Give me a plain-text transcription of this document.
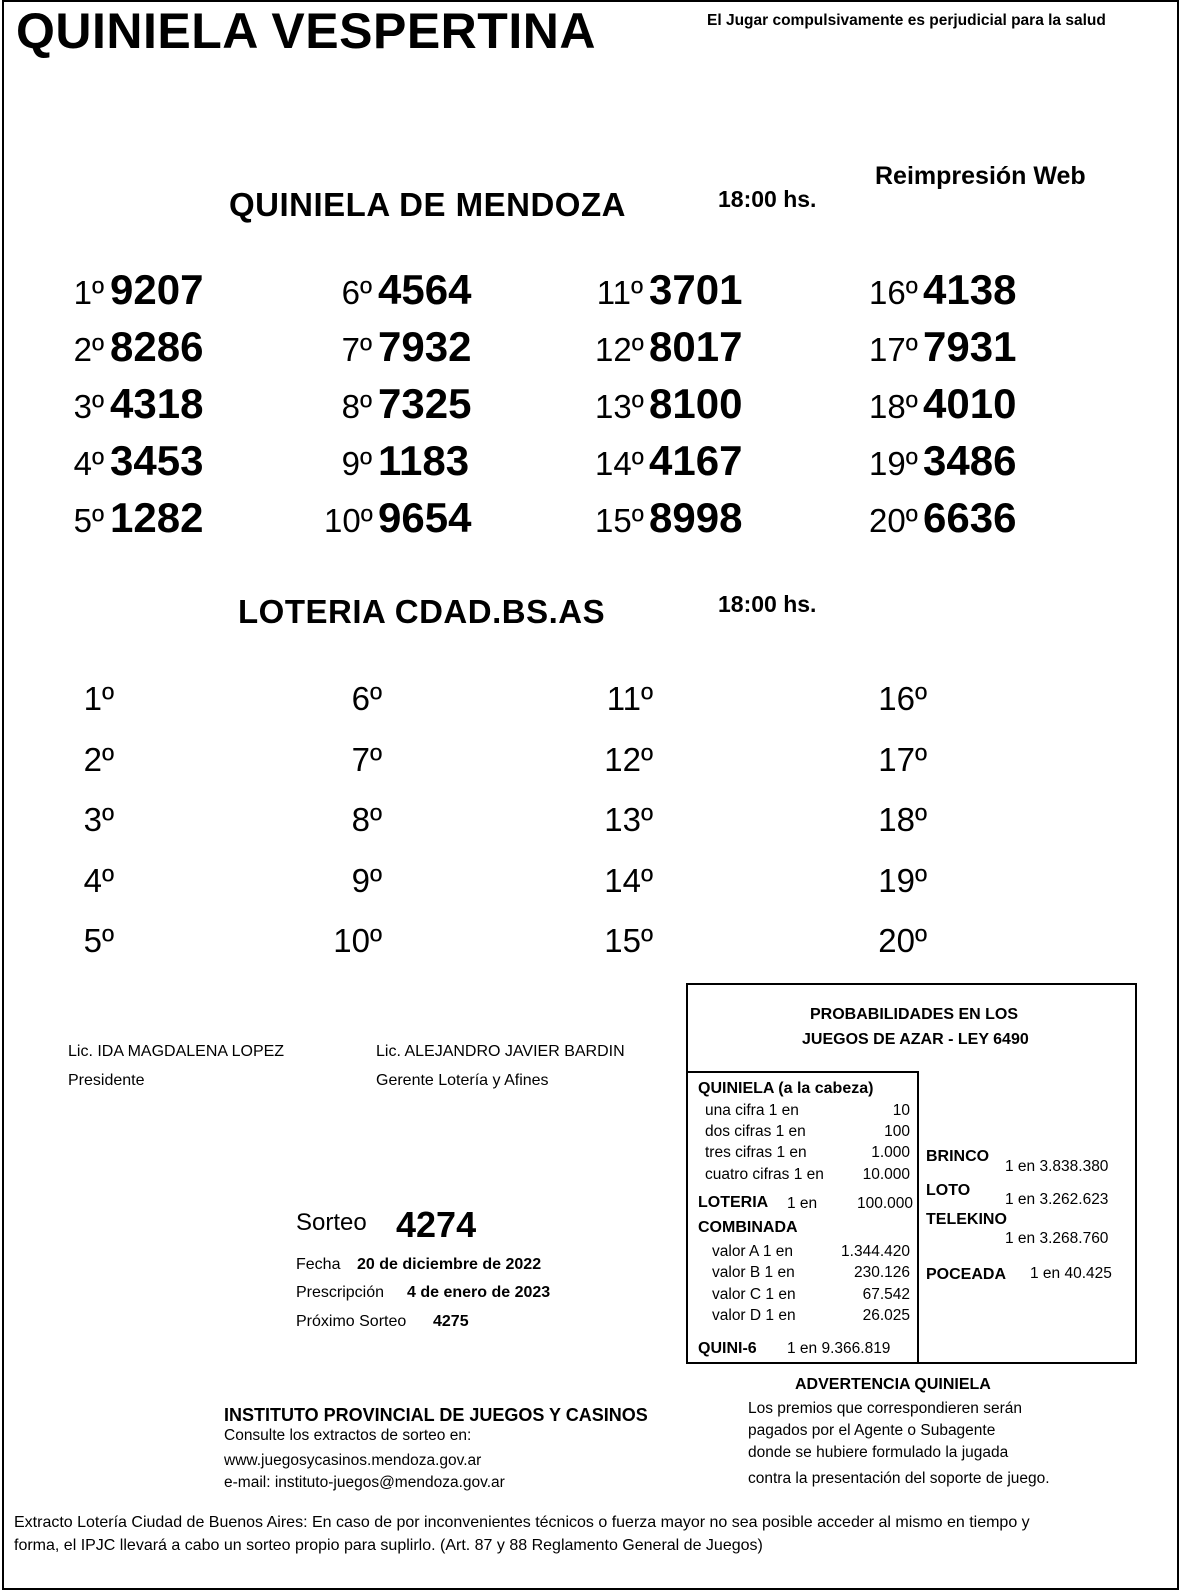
QUINIELA VESPERTINA	El Jugar compulsivamente es perjudicial para la salud
Reimpresión Web
QUINIELA DE MENDOZA	18:00 hs.
1º 9207
2º 8286
3º 4318
4º 3453
5º 1282
6º 4564
7º 7932
8º 7325
9º 1183
10º 9654
11º 3701
12º 8017
13º 8100
14º 4167
15º 8998
16º 4138
17º 7931
18º 4010
19º 3486
20º 6636
LOTERIA CDAD.BS.AS	18:00 hs.
1º
2º
3º
4º
5º
6º
7º
8º
9º
10º
11º
12º
13º
14º
15º
16º
17º
18º
19º
20º
Lic. IDA MAGDALENA LOPEZ
Presidente
Lic. ALEJANDRO JAVIER BARDIN
Gerente Lotería y Afines
Sorteo 4274
Fecha 20 de diciembre de 2022
Prescripción 4 de enero de 2023
Próximo Sorteo 4275
PROBABILIDADES EN LOS
JUEGOS DE AZAR - LEY 6490
QUINIELA (a la cabeza)
una cifra 1 en	10
dos cifras 1 en	100
tres cifras 1 en	1.000
cuatro cifras 1 en	10.000
LOTERIA 1 en	100.000
COMBINADA
valor A 1 en	1.344.420
valor B 1 en	230.126
valor C 1 en	67.542
valor D 1 en	26.025
QUINI-6 1 en 9.366.819
BRINCO
1 en 3.838.380
LOTO
1 en 3.262.623
TELEKINO
1 en 3.268.760
POCEADA 1 en 40.425
ADVERTENCIA QUINIELA
Los premios que correspondieren serán
pagados por el Agente o Subagente
donde se hubiere formulado la jugada
contra la presentación del soporte de juego.
INSTITUTO PROVINCIAL DE JUEGOS Y CASINOS
Consulte los extractos de sorteo en:
www.juegosycasinos.mendoza.gov.ar
e-mail: instituto-juegos@mendoza.gov.ar
Extracto Lotería Ciudad de Buenos Aires: En caso de por inconvenientes técnicos o fuerza mayor no sea posible acceder al mismo en tiempo y
forma, el IPJC llevará a cabo un sorteo propio para suplirlo. (Art. 87 y 88 Reglamento General de Juegos)
